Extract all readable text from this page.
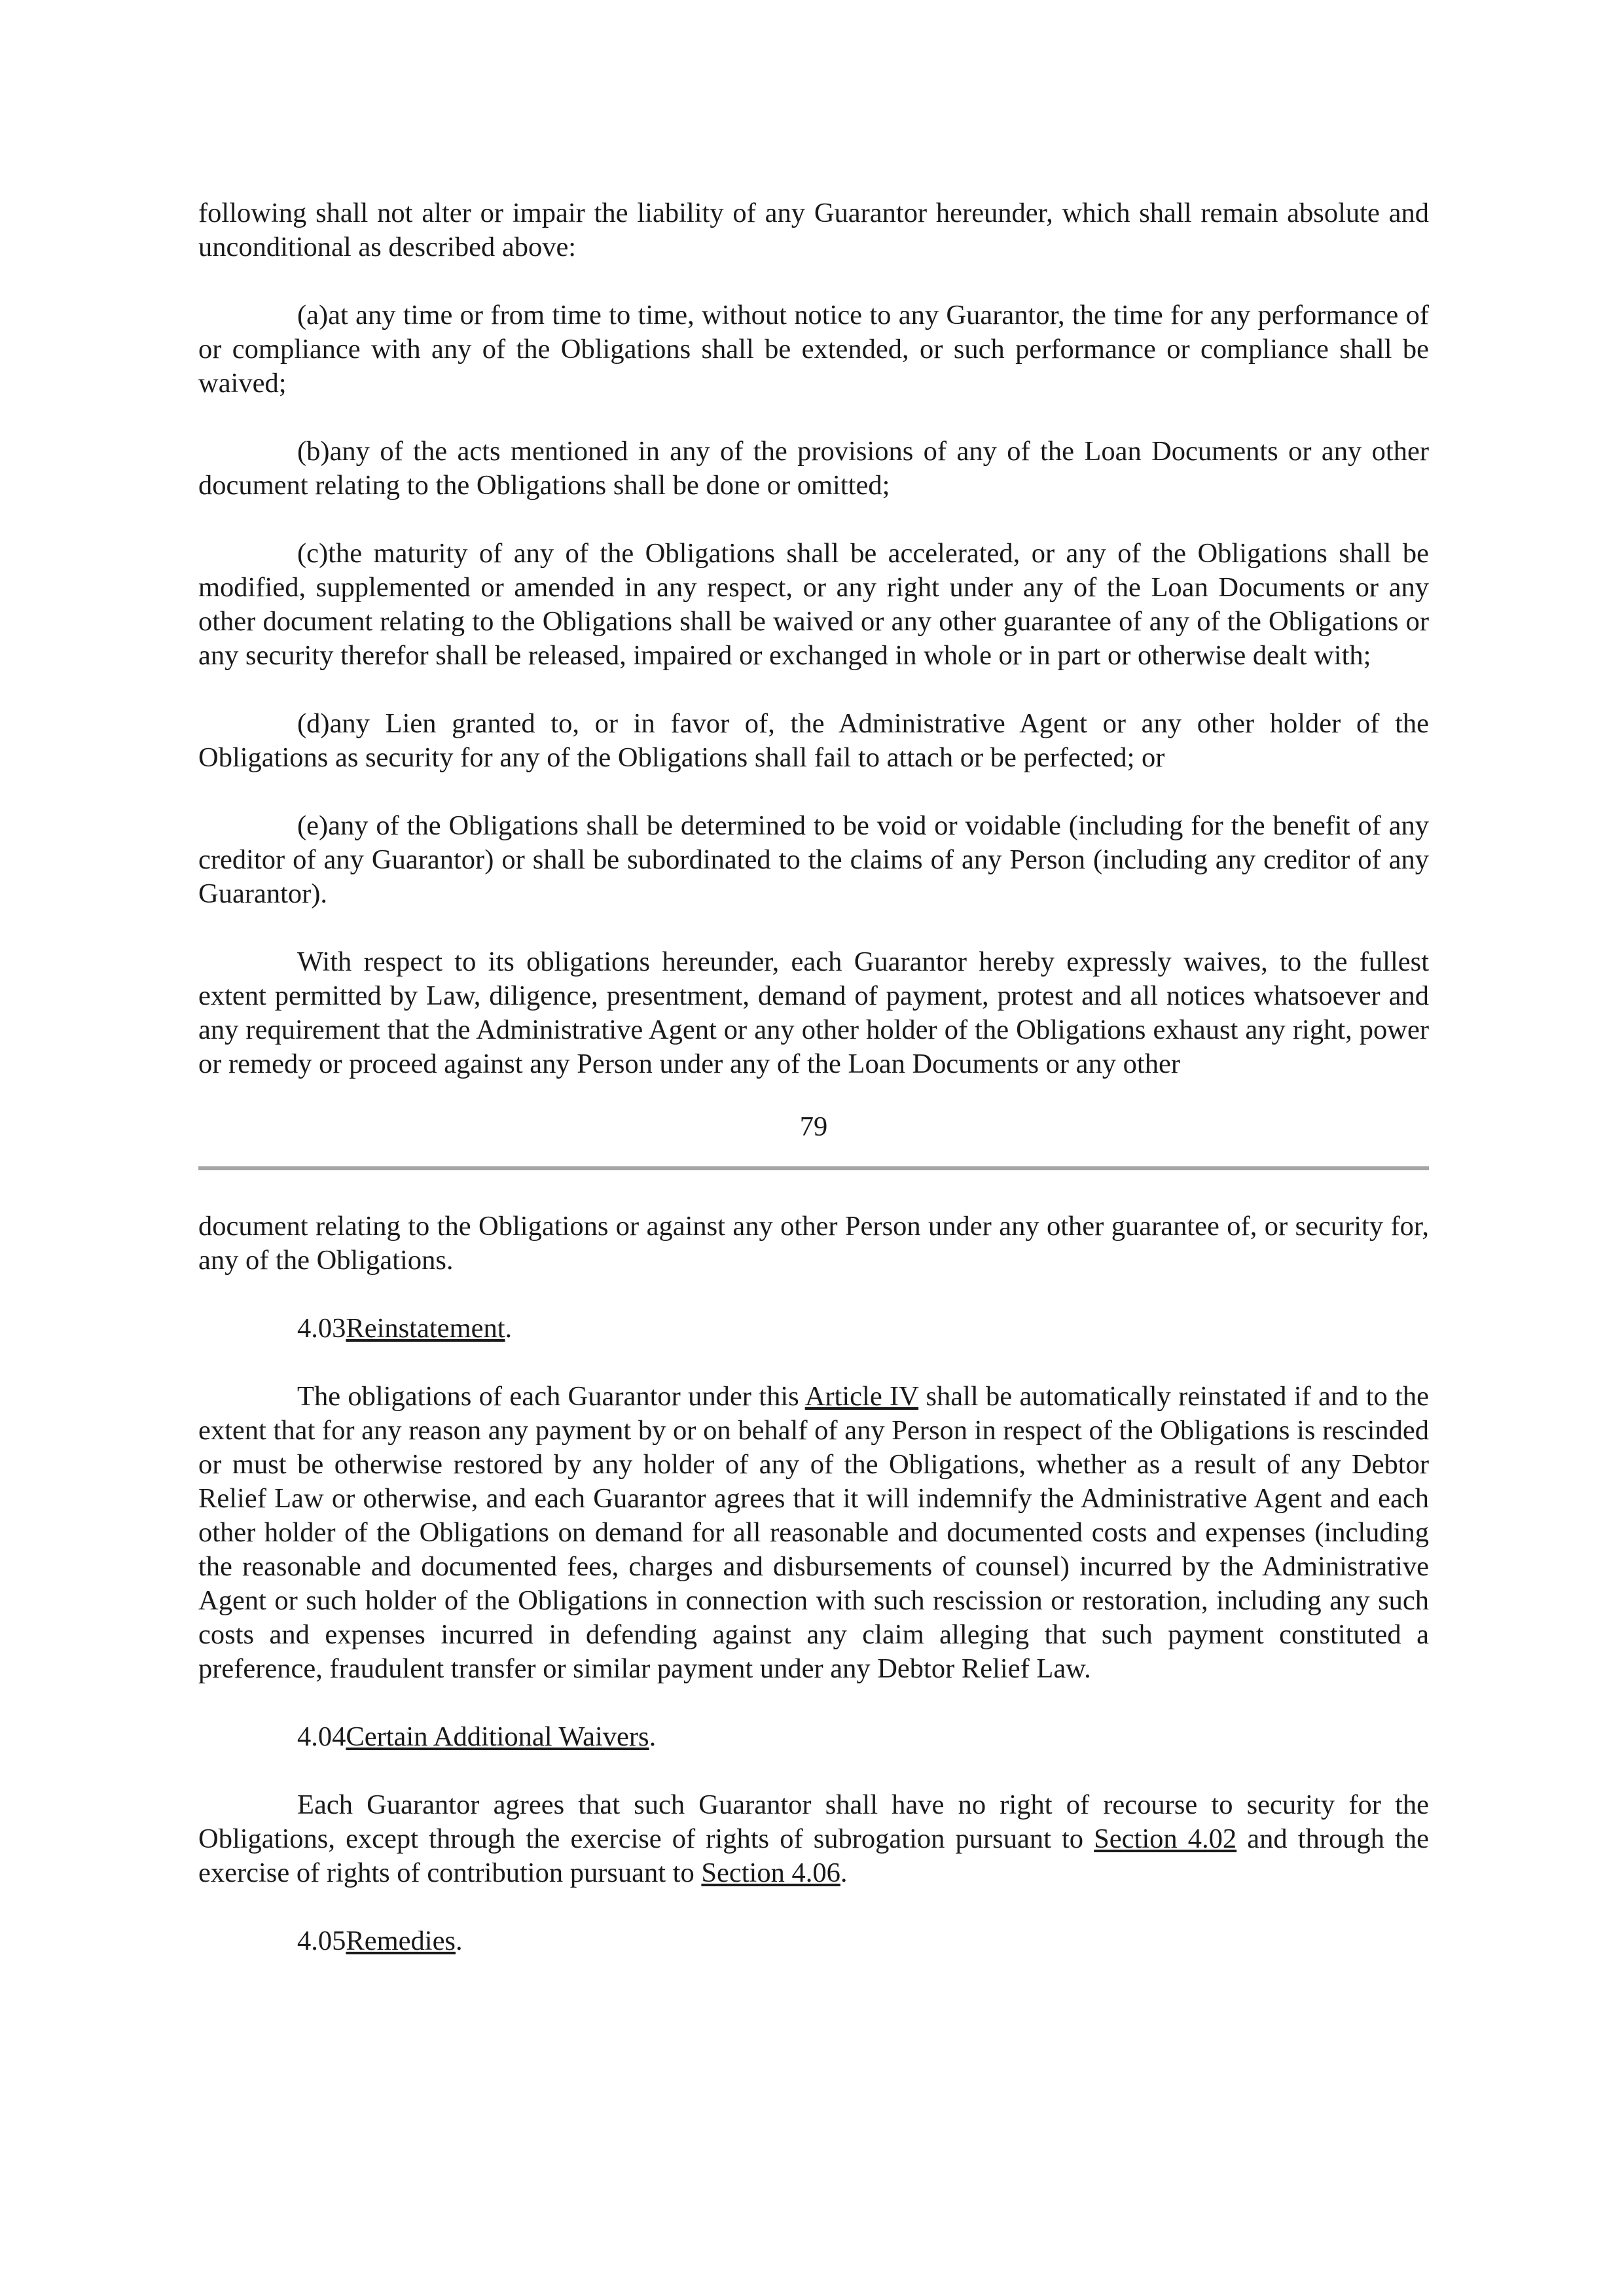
following shall not alter or impair the liability of any Guarantor hereunder, which shall remain absolute and unconditional as described above:

(a)at any time or from time to time, without notice to any Guarantor, the time for any performance of or compliance with any of the Obligations shall be extended, or such performance or compliance shall be waived;

(b)any of the acts mentioned in any of the provisions of any of the Loan Documents or any other document relating to the Obligations shall be done or omitted;

(c)the maturity of any of the Obligations shall be accelerated, or any of the Obligations shall be modified, supplemented or amended in any respect, or any right under any of the Loan Documents or any other document relating to the Obligations shall be waived or any other guarantee of any of the Obligations or any security therefor shall be released, impaired or exchanged in whole or in part or otherwise dealt with;

(d)any Lien granted to, or in favor of, the Administrative Agent or any other holder of the Obligations as security for any of the Obligations shall fail to attach or be perfected; or

(e)any of the Obligations shall be determined to be void or voidable (including for the benefit of any creditor of any Guarantor) or shall be subordinated to the claims of any Person (including any creditor of any Guarantor).

With respect to its obligations hereunder, each Guarantor hereby expressly waives, to the fullest extent permitted by Law, diligence, presentment, demand of payment, protest and all notices whatsoever and any requirement that the Administrative Agent or any other holder of the Obligations exhaust any right, power or remedy or proceed against any Person under any of the Loan Documents or any other

79

document relating to the Obligations or against any other Person under any other guarantee of, or security for, any of the Obligations.

4.03Reinstatement.

The obligations of each Guarantor under this Article IV shall be automatically reinstated if and to the extent that for any reason any payment by or on behalf of any Person in respect of the Obligations is rescinded or must be otherwise restored by any holder of any of the Obligations, whether as a result of any Debtor Relief Law or otherwise, and each Guarantor agrees that it will indemnify the Administrative Agent and each other holder of the Obligations on demand for all reasonable and documented costs and expenses (including the reasonable and documented fees, charges and disbursements of counsel) incurred by the Administrative Agent or such holder of the Obligations in connection with such rescission or restoration, including any such costs and expenses incurred in defending against any claim alleging that such payment constituted a preference, fraudulent transfer or similar payment under any Debtor Relief Law.

4.04Certain Additional Waivers.

Each Guarantor agrees that such Guarantor shall have no right of recourse to security for the Obligations, except through the exercise of rights of subrogation pursuant to Section 4.02 and through the exercise of rights of contribution pursuant to Section 4.06.

4.05Remedies.
